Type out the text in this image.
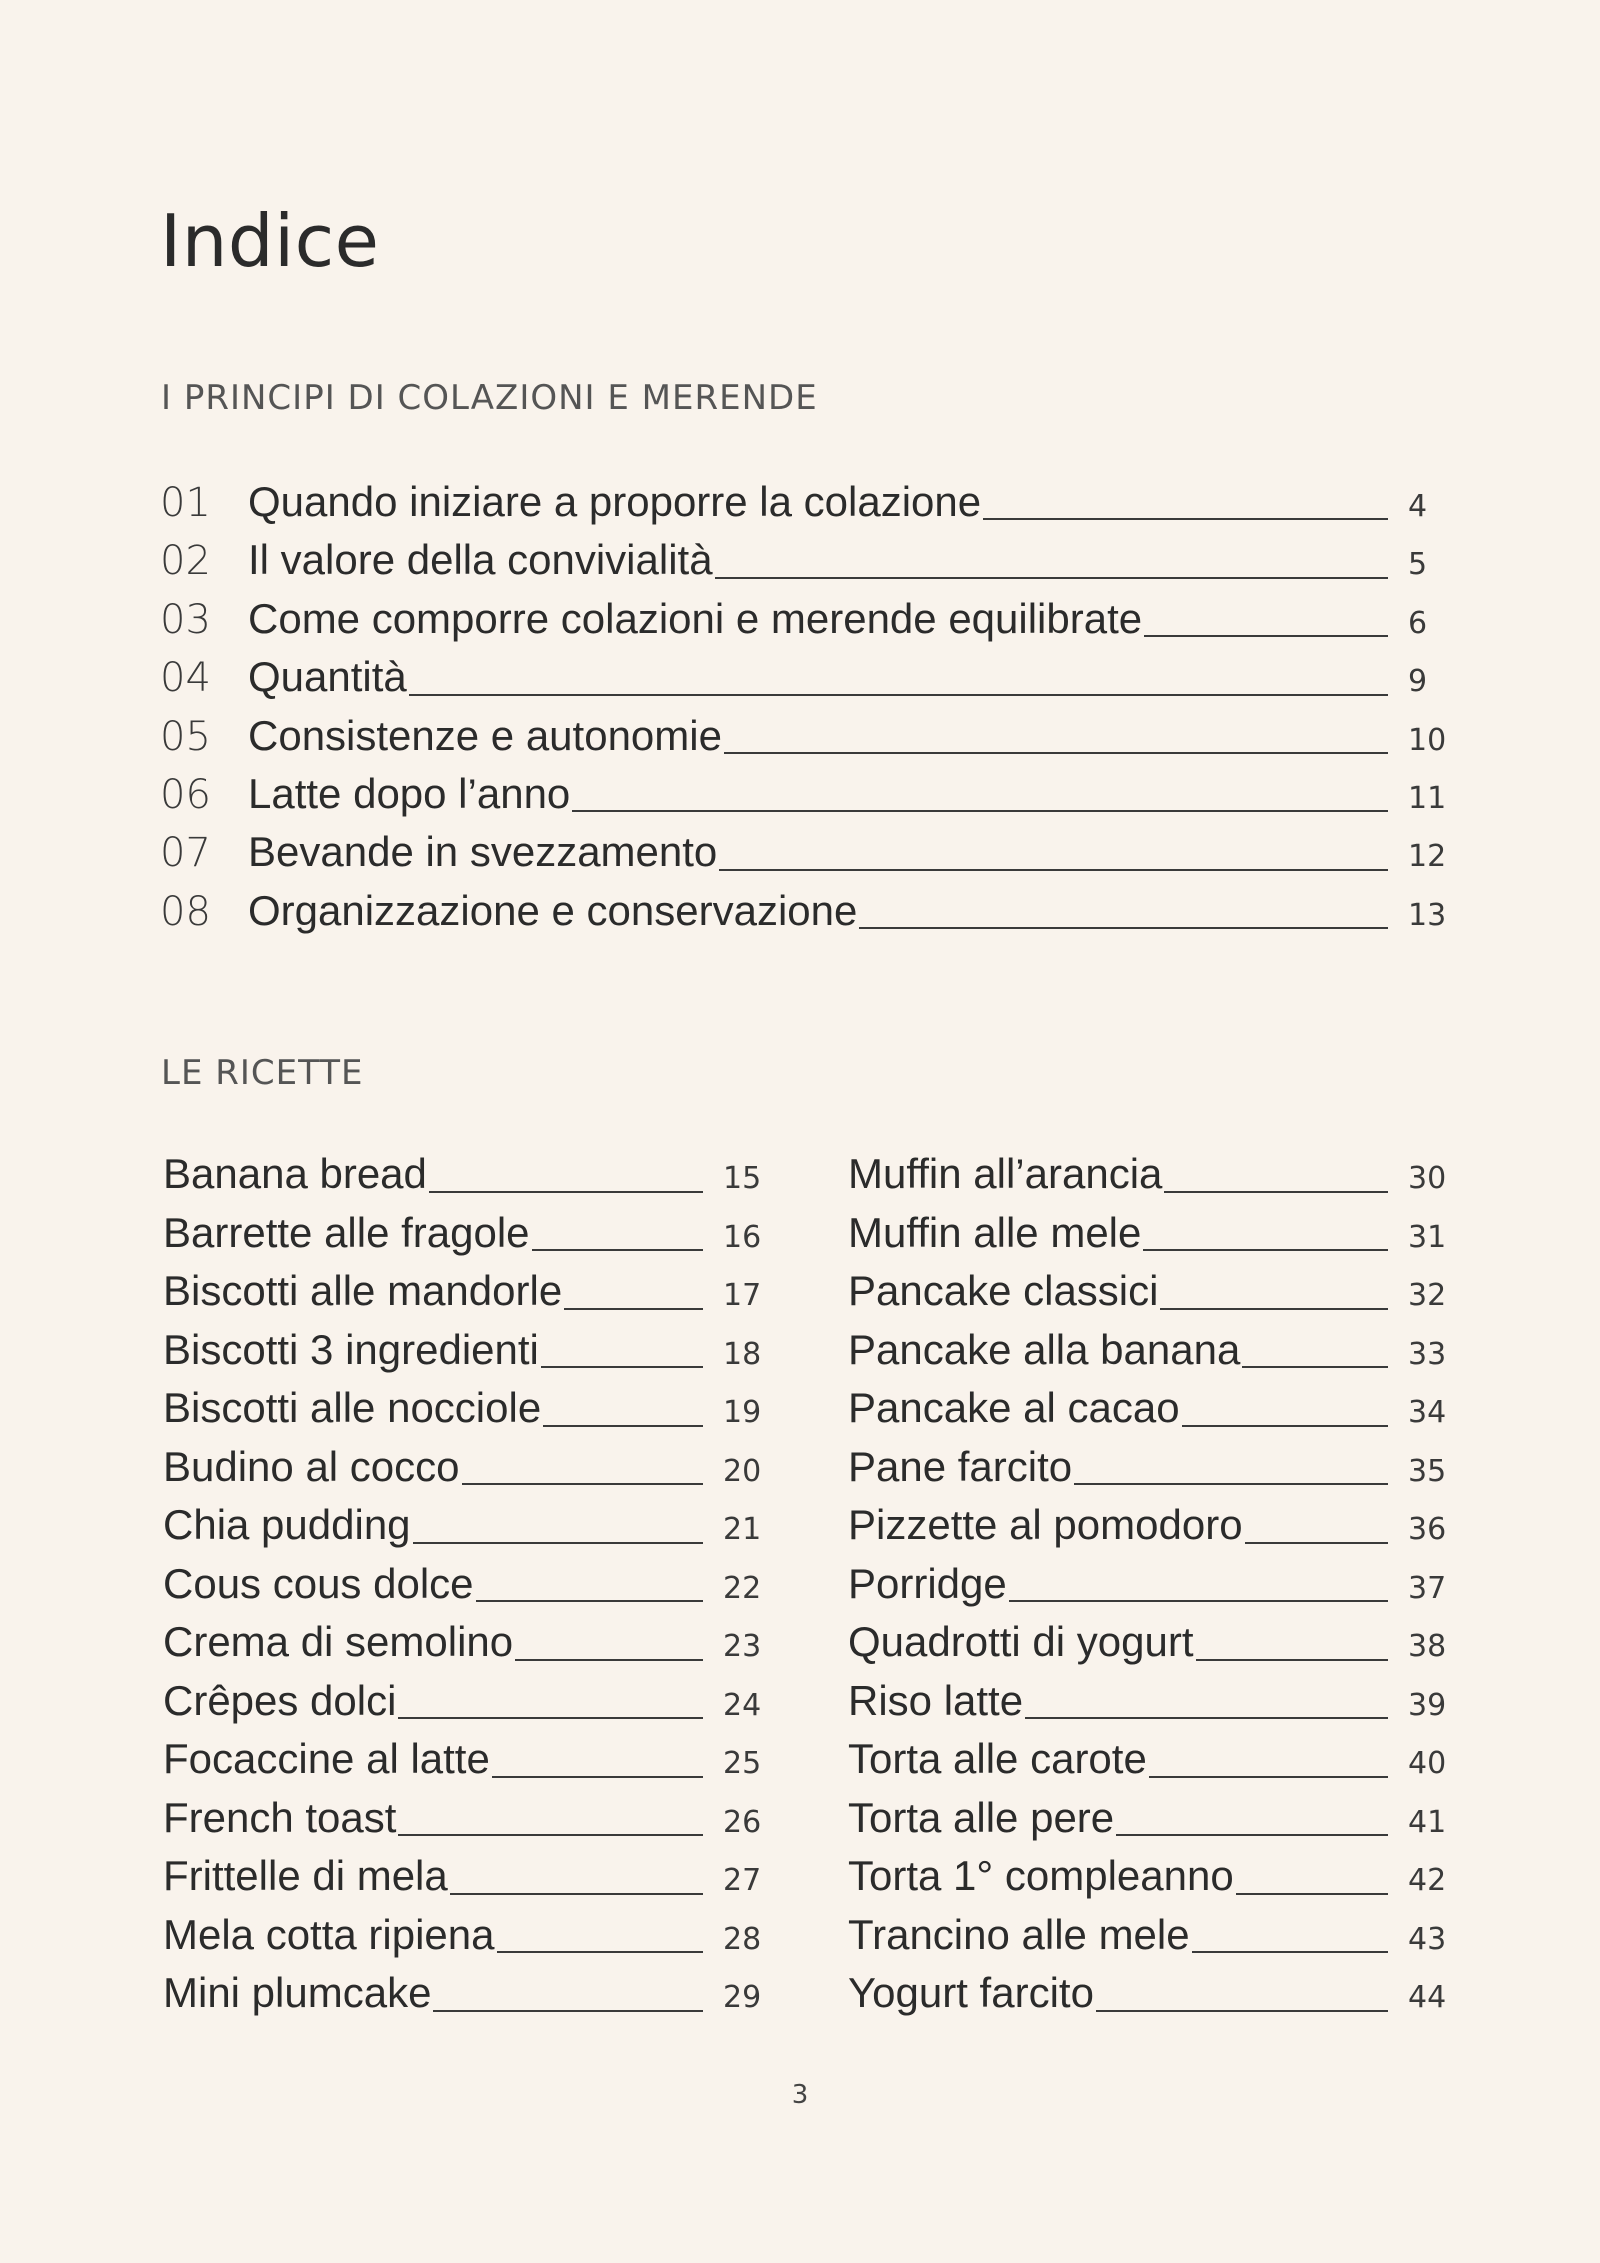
Indice
I PRINCIPI DI COLAZIONI E MERENDE
01 Quando iniziare a proporre la colazione	4
02 Il valore della convivialità	5
03 Come comporre colazioni e merende equilibrate	6
04 Quantità	9
05 Consistenze e autonomie	10
06 Latte dopo l’anno	11
07 Bevande in svezzamento	12
08 Organizzazione e conservazione	13
LE RICETTE
Banana bread	15
Barrette alle fragole	16
Biscotti alle mandorle	17
Biscotti 3 ingredienti	18
Biscotti alle nocciole	19
Budino al cocco	20
Chia pudding	21
Cous cous dolce	22
Crema di semolino	23
Crêpes dolci	24
Focaccine al latte	25
French toast	26
Frittelle di mela	27
Mela cotta ripiena	28
Mini plumcake	29
Muffin all’arancia	30
Muffin alle mele	31
Pancake classici	32
Pancake alla banana	33
Pancake al cacao	34
Pane farcito	35
Pizzette al pomodoro	36
Porridge	37
Quadrotti di yogurt	38
Riso latte	39
Torta alle carote	40
Torta alle pere	41
Torta 1° compleanno	42
Trancino alle mele	43
Yogurt farcito	44
3
